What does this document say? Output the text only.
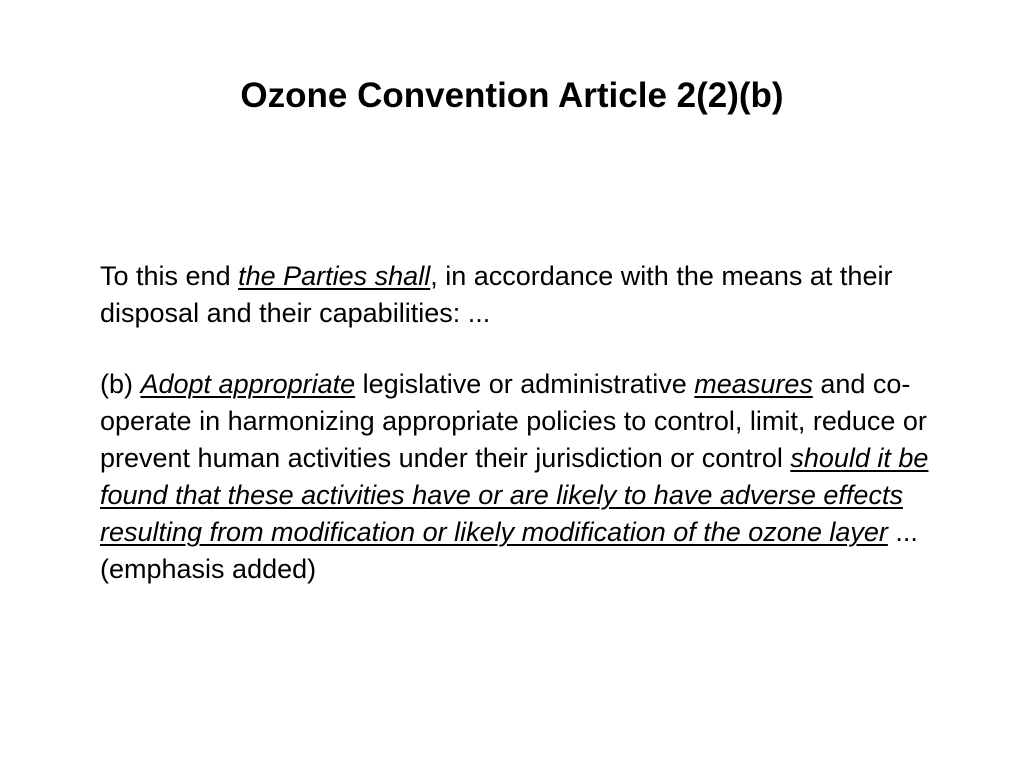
Ozone Convention Article 2(2)(b)

To this end the Parties shall, in accordance with the means at their disposal and their capabilities: ...

(b) Adopt appropriate legislative or administrative measures and co-operate in harmonizing appropriate policies to control, limit, reduce or prevent human activities under their jurisdiction or control should it be found that these activities have or are likely to have adverse effects resulting from modification or likely modification of the ozone layer ... (emphasis added)
